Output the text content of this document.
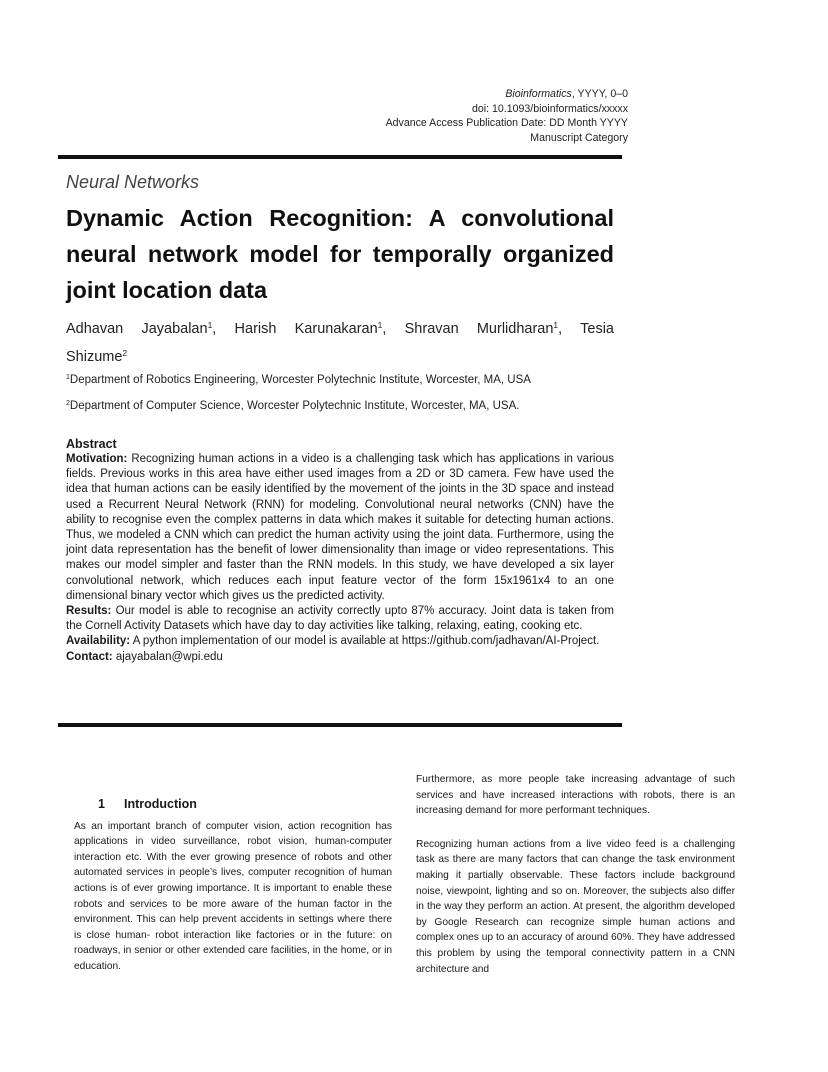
Bioinformatics, YYYY, 0–0
doi: 10.1093/bioinformatics/xxxxx
Advance Access Publication Date: DD Month YYYY
Manuscript Category
Neural Networks
Dynamic Action Recognition: A convolutional neural network model for temporally organized joint location data
Adhavan Jayabalan$^1$, Harish Karunakaran$^1$, Shravan Murlidharan$^1$, Tesia Shizume$^2$
$^1$Department of Robotics Engineering, Worcester Polytechnic Institute, Worcester, MA, USA
$^2$Department of Computer Science, Worcester Polytechnic Institute, Worcester, MA, USA.
Abstract

Motivation: Recognizing human actions in a video is a challenging task which has applications in various fields. Previous works in this area have either used images from a 2D or 3D camera. Few have used the idea that human actions can be easily identified by the movement of the joints in the 3D space and instead used a Recurrent Neural Network (RNN) for modeling. Convolutional neural networks (CNN) have the ability to recognise even the complex patterns in data which makes it suitable for detecting human actions. Thus, we modeled a CNN which can predict the human activity using the joint data. Furthermore, using the joint data representation has the benefit of lower dimensionality than image or video representations. This makes our model simpler and faster than the RNN models. In this study, we have developed a six layer convolutional network, which reduces each input feature vector of the form 15x1961x4 to an one dimensional binary vector which gives us the predicted activity.

Results: Our model is able to recognise an activity correctly upto 87% accuracy. Joint data is taken from the Cornell Activity Datasets which have day to day activities like talking, relaxing, eating, cooking etc.

Availability: A python implementation of our model is available at https://github.com/jadhavan/AI-Project.

Contact: ajayabalan@wpi.edu

1 Introduction

As an important branch of computer vision, action recognition has applications in video surveillance, robot vision, human-computer interaction etc. With the ever growing presence of robots and other automated services in people’s lives, computer recognition of human actions is of ever growing importance. It is important to enable these robots and services to be more aware of the human factor in the environment. This can help prevent accidents in settings where there is close human- robot interaction like factories or in the future: on roadways, in senior or other extended care facilities, in the home, or in education.

Furthermore, as more people take increasing advantage of such services and have increased interactions with robots, there is an increasing demand for more performant techniques.

Recognizing human actions from a live video feed is a challenging task as there are many factors that can change the task environment making it partially observable. These factors include background noise, viewpoint, lighting and so on. Moreover, the subjects also differ in the way they perform an action. At present, the algorithm developed by Google Research can recognize simple human actions and complex ones up to an accuracy of around 60%. They have addressed this problem by using the temporal connectivity pattern in a CNN architecture and
